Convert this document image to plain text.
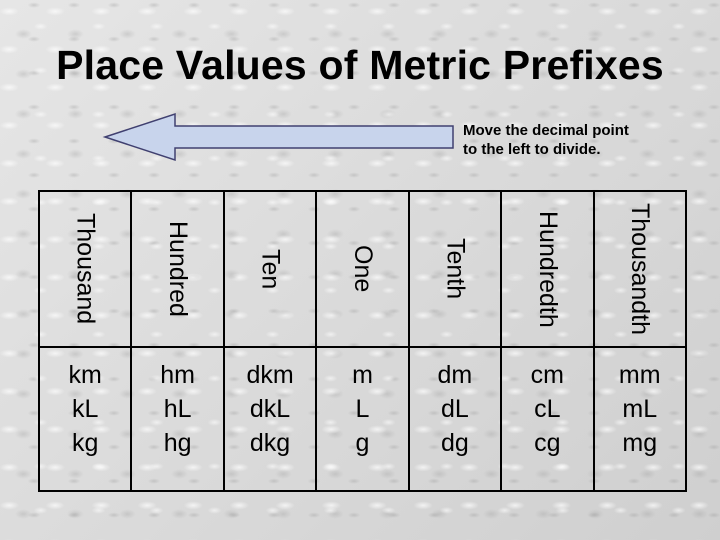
Place Values of Metric Prefixes
Move the decimal point
to the left to divide.
Thousand
km
kL
kg
Hundred
hm
hL
hg
Ten
dkm
dkL
dkg
One
m
L
g
Tenth
dm
dL
dg
Hundredth
cm
cL
cg
Thousandth
mm
mL
mg
